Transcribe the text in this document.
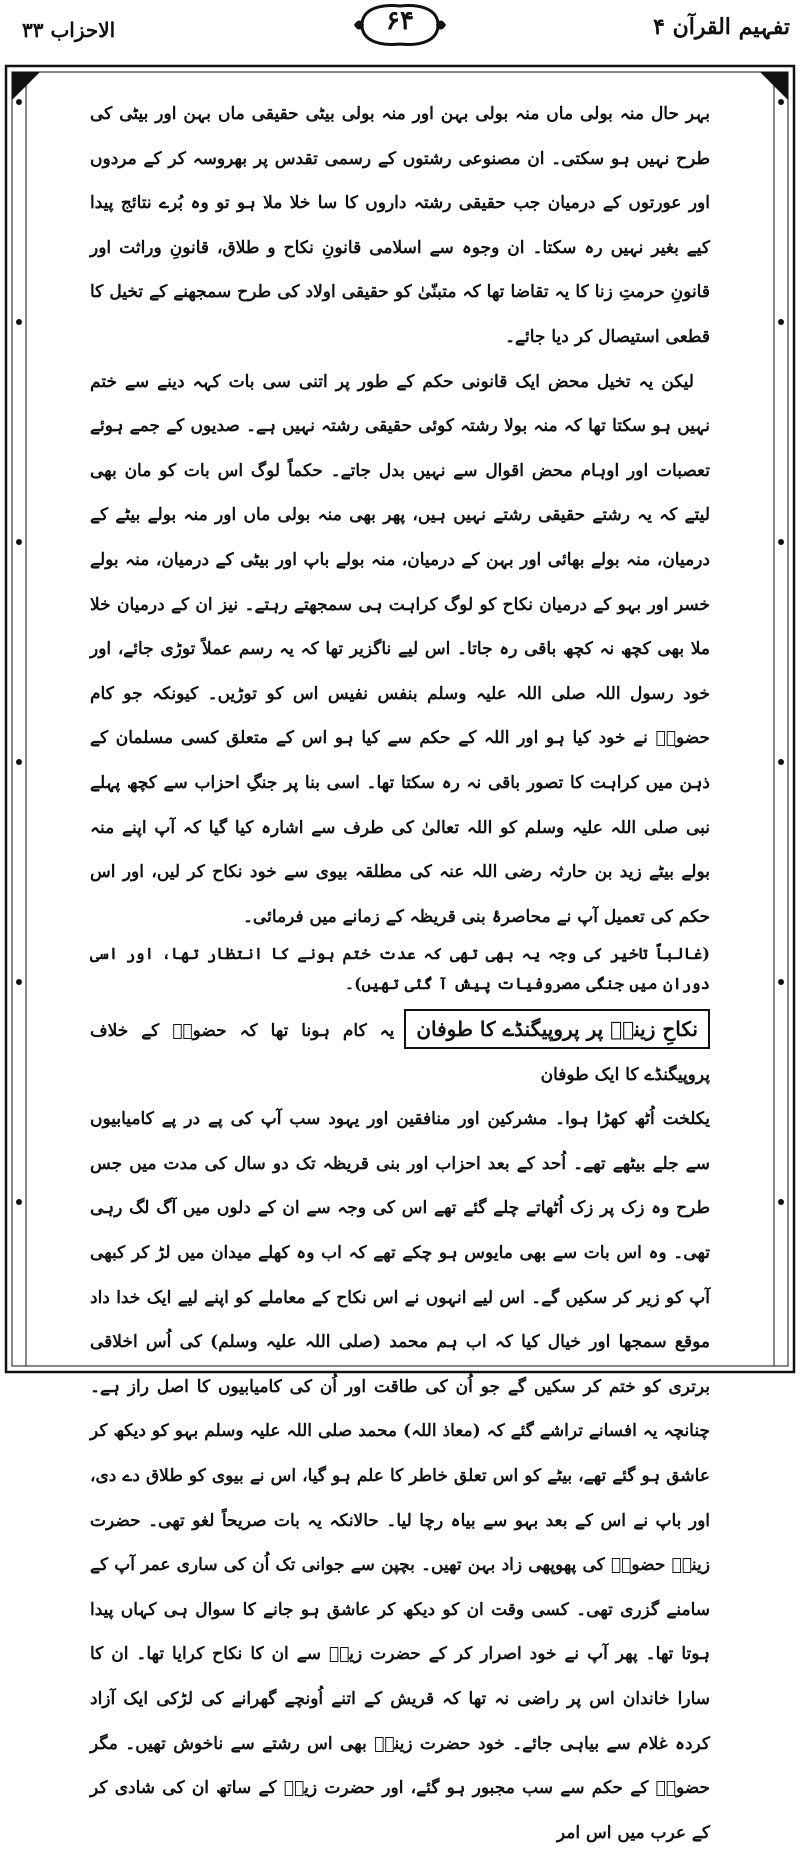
تفہیم القرآن ۴
۶۴
الاحزاب ۳۳

بہر حال منہ بولی ماں منہ بولی بہن اور منہ بولی بیٹی حقیقی ماں بہن اور بیٹی کی طرح نہیں ہو سکتی۔ ان مصنوعی رشتوں کے رسمی تقدس پر بھروسہ کر کے مردوں اور عورتوں کے درمیان جب حقیقی رشتہ داروں کا سا خلا ملا ہو تو وہ بُرے نتائج پیدا کیے بغیر نہیں رہ سکتا۔ ان وجوہ سے اسلامی قانونِ نکاح و طلاق، قانونِ وراثت اور قانونِ حرمتِ زنا کا یہ تقاضا تھا کہ متبنّیٰ کو حقیقی اولاد کی طرح سمجھنے کے تخیل کا قطعی استیصال کر دیا جائے۔

لیکن یہ تخیل محض ایک قانونی حکم کے طور پر اتنی سی بات کہہ دینے سے ختم نہیں ہو سکتا تھا کہ منہ بولا رشتہ کوئی حقیقی رشتہ نہیں ہے۔ صدیوں کے جمے ہوئے تعصبات اور اوہام محض اقوال سے نہیں بدل جاتے۔ حکماً لوگ اس بات کو مان بھی لیتے کہ یہ رشتے حقیقی رشتے نہیں ہیں، پھر بھی منہ بولی ماں اور منہ بولے بیٹے کے درمیان، منہ بولے بھائی اور بہن کے درمیان، منہ بولے باپ اور بیٹی کے درمیان، منہ بولے خسر اور بہو کے درمیان نکاح کو لوگ کراہت ہی سمجھتے رہتے۔ نیز ان کے درمیان خلا ملا بھی کچھ نہ کچھ باقی رہ جاتا۔ اس لیے ناگزیر تھا کہ یہ رسم عملاً توڑی جائے، اور خود رسول اللہ صلی اللہ علیہ وسلم بنفس نفیس اس کو توڑیں۔ کیونکہ جو کام حضورؐ نے خود کیا ہو اور اللہ کے حکم سے کیا ہو اس کے متعلق کسی مسلمان کے ذہن میں کراہت کا تصور باقی نہ رہ سکتا تھا۔ اسی بنا پر جنگِ احزاب سے کچھ پہلے نبی صلی اللہ علیہ وسلم کو اللہ تعالیٰ کی طرف سے اشارہ کیا گیا کہ آپ اپنے منہ بولے بیٹے زید بن حارثہ رضی اللہ عنہ کی مطلقہ بیوی سے خود نکاح کر لیں، اور اس حکم کی تعمیل آپ نے محاصرۂ بنی قریظہ کے زمانے میں فرمائی۔

(غالباً تاخیر کی وجہ یہ بھی تھی کہ عدت ختم ہونے کا انتظار تھا، اور اسی دوران میں جنگی مصروفیات پیش آ گئی تھیں)۔

نکاحِ زینبؓ پر پروپیگنڈے کا طوفان
یہ کام ہونا تھا کہ حضورؐ کے خلاف پروپیگنڈے کا ایک طوفان

یکلخت اُٹھ کھڑا ہوا۔ مشرکین اور منافقین اور یہود سب آپ کی پے در پے کامیابیوں سے جلے بیٹھے تھے۔ اُحد کے بعد احزاب اور بنی قریظہ تک دو سال کی مدت میں جس طرح وہ زک پر زک اُٹھاتے چلے گئے تھے اس کی وجہ سے ان کے دلوں میں آگ لگ رہی تھی۔ وہ اس بات سے بھی مایوس ہو چکے تھے کہ اب وہ کھلے میدان میں لڑ کر کبھی آپ کو زیر کر سکیں گے۔ اس لیے انہوں نے اس نکاح کے معاملے کو اپنے لیے ایک خدا داد موقع سمجھا اور خیال کیا کہ اب ہم محمد (صلی اللہ علیہ وسلم) کی اُس اخلاقی برتری کو ختم کر سکیں گے جو اُن کی طاقت اور اُن کی کامیابیوں کا اصل راز ہے۔ چنانچہ یہ افسانے تراشے گئے کہ (معاذ اللہ) محمد صلی اللہ علیہ وسلم بہو کو دیکھ کر عاشق ہو گئے تھے، بیٹے کو اس تعلق خاطر کا علم ہو گیا، اس نے بیوی کو طلاق دے دی، اور باپ نے اس کے بعد بہو سے بیاہ رچا لیا۔ حالانکہ یہ بات صریحاً لغو تھی۔ حضرت زینبؓ حضورؐ کی پھوپھی زاد بہن تھیں۔ بچپن سے جوانی تک اُن کی ساری عمر آپ کے سامنے گزری تھی۔ کسی وقت ان کو دیکھ کر عاشق ہو جانے کا سوال ہی کہاں پیدا ہوتا تھا۔ پھر آپ نے خود اصرار کر کے حضرت زیدؓ سے ان کا نکاح کرایا تھا۔ ان کا سارا خاندان اس پر راضی نہ تھا کہ قریش کے اتنے اُونچے گھرانے کی لڑکی ایک آزاد کردہ غلام سے بیاہی جائے۔ خود حضرت زینبؓ بھی اس رشتے سے ناخوش تھیں۔ مگر حضورؐ کے حکم سے سب مجبور ہو گئے، اور حضرت زیدؓ کے ساتھ ان کی شادی کر کے عرب میں اس امر
